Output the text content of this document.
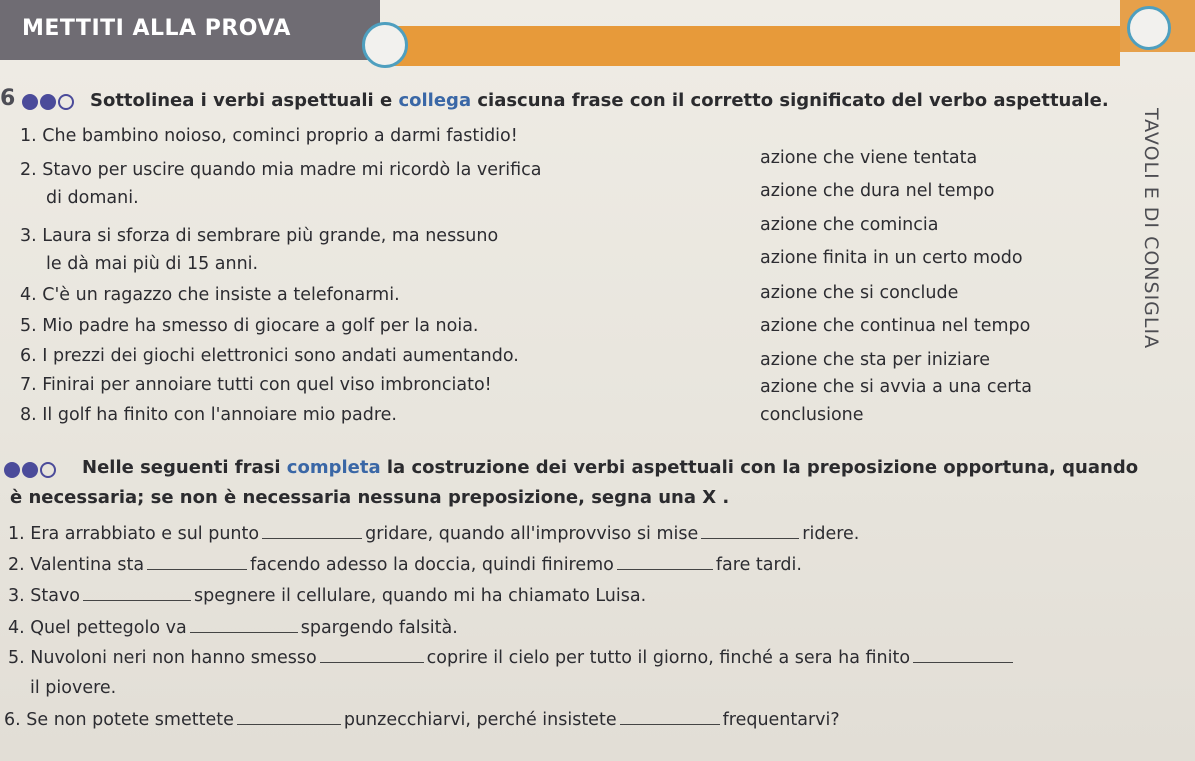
METTITI ALLA PROVA
TAVOLI E DI CONSIGLIA
6	Sottolinea i verbi aspettuali e collega ciascuna frase con il corretto significato del verbo aspettuale.
1. Che bambino noioso, cominci proprio a darmi fastidio!
2. Stavo per uscire quando mia madre mi ricordò la verifica
di domani.
3. Laura si sforza di sembrare più grande, ma nessuno
le dà mai più di 15 anni.
4. C'è un ragazzo che insiste a telefonarmi.
5. Mio padre ha smesso di giocare a golf per la noia.
6. I prezzi dei giochi elettronici sono andati aumentando.
7. Finirai per annoiare tutti con quel viso imbronciato!
8. Il golf ha finito con l'annoiare mio padre.
azione che viene tentata
azione che dura nel tempo
azione che comincia
azione finita in un certo modo
azione che si conclude
azione che continua nel tempo
azione che sta per iniziare
azione che si avvia a una certa
conclusione
Nelle seguenti frasi completa la costruzione dei verbi aspettuali con la preposizione opportuna, quando
è necessaria; se non è necessaria nessuna preposizione, segna una X .
1. Era arrabbiato e sul punto	gridare, quando all'improvviso si mise	ridere.
2. Valentina sta	facendo adesso la doccia, quindi finiremo	fare tardi.
3. Stavo	spegnere il cellulare, quando mi ha chiamato Luisa.
4. Quel pettegolo va	spargendo falsità.
5. Nuvoloni neri non hanno smesso	coprire il cielo per tutto il giorno, finché a sera ha finito
il piovere.
6. Se non potete smettete	punzecchiarvi, perché insistete	frequentarvi?
